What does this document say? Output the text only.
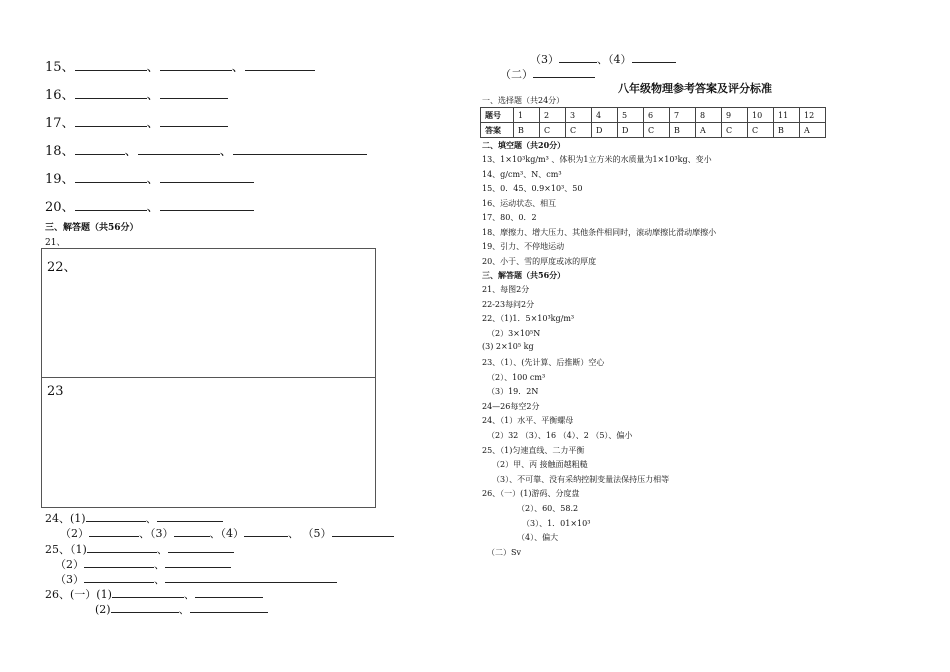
15、	、	、
16、	、
17、	、
18、	、	、
19、	、
20、	、
三、解答题（共56分）
21、
22、
23
24、(1)	、
（2）	、（3）	、（4）	、 （5）
25、（1)	、
（2）	、
（3）	、
26、(一）(1)	、
(2)	、
（3）	、（4）
（二）
八年级物理参考答案及评分标准
一、选择题（共24分）
题号	1	2	3	4	5	6	7	8	9	10	11	12
答案	B	C	C	D	D	C	B	A	C	C	B	A
二、填空题（共20分）
13、1×10³kg/m³ 、体积为1立方米的水质量为1×10³kg、变小
14、g/cm³、N、cm³
15、0．45、0.9×10³、50
16、运动状态、相互
17、80、0．2
18、摩擦力、增大压力、其他条件相同时，滚动摩擦比滑动摩擦小
19、引力、不停地运动
20、小于、雪的厚度或冰的厚度
三、解答题（共56分）
21、每图2分
22-23每问2分
22、（1)1．5×10³kg/m³
（2）3×10⁵N
(3) 2×10⁵ kg
23、（1）、(先计算、后推断）空心
（2）、100 cm³
（3）19．2N
24—26每空2分
24、（1）水平、平衡螺母
（2）32 （3）、16 （4）、2 （5）、偏小
25、（1)匀速直线、二力平衡
（2）甲、丙 接触面越粗糙
（3）、不可靠、没有采纳控制变量法保持压力相等
26、（一）(1)游码、分度盘
（2）、60、58.2
（3）、1．01×10³
（4）、偏大
（二）Sv
